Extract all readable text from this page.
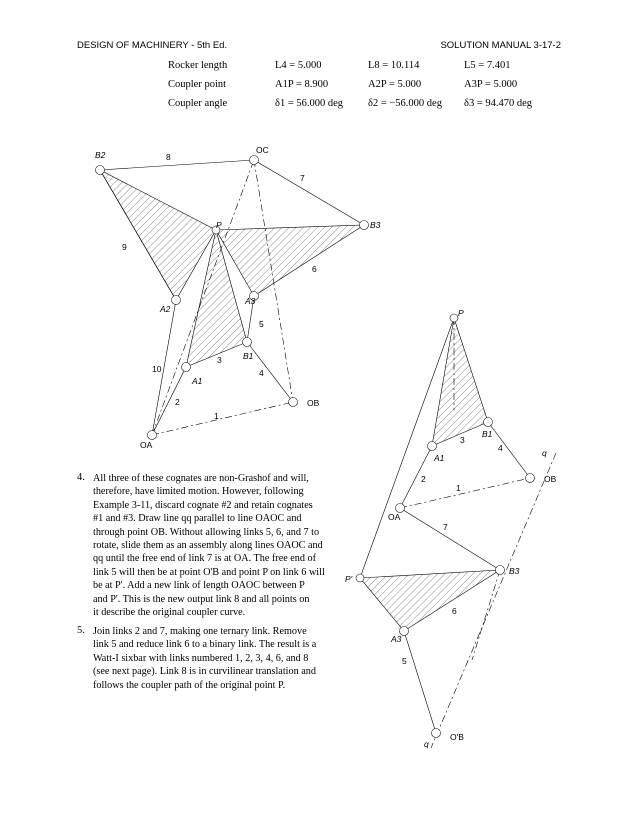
DESIGN OF MACHINERY - 5th Ed.	SOLUTION MANUAL 3-17-2
Rocker length	L4 = 5.000	L8 = 10.114	L5 = 7.401
Coupler point	A1P = 8.900	A2P = 5.000	A3P = 5.000
Coupler angle	δ1 = 56.000 deg δ2 = −56.000 deg δ3 = 94.470 deg
B2	OC
8
7
P	B3
9
6
A2
A3
5
B1
3
4
10
A1
2	OB
1
OA
P
3
B1
A1
4	q
2
1
OB
OA
7
P'
B3
6
A3
5
q
O'B
4. All three of these cognates are non-Grashof and will,
therefore, have limited motion. However, following
Example 3-11, discard cognate #2 and retain cognates
#1 and #3. Draw line qq parallel to line OAOC and
through point OB. Without allowing links 5, 6, and 7 to
rotate, slide them as an assembly along lines OAOC and
qq until the free end of link 7 is at OA. The free end of
link 5 will then be at point O'B and point P on link 6 will
be at P'. Add a new link of length OAOC between P
and P'. This is the new output link 8 and all points on
it describe the original coupler curve.
5. Join links 2 and 7, making one ternary link. Remove
link 5 and reduce link 6 to a binary link. The result is a
Watt-I sixbar with links numbered 1, 2, 3, 4, 6, and 8
(see next page). Link 8 is in curvilinear translation and
follows the coupler path of the original point P.
